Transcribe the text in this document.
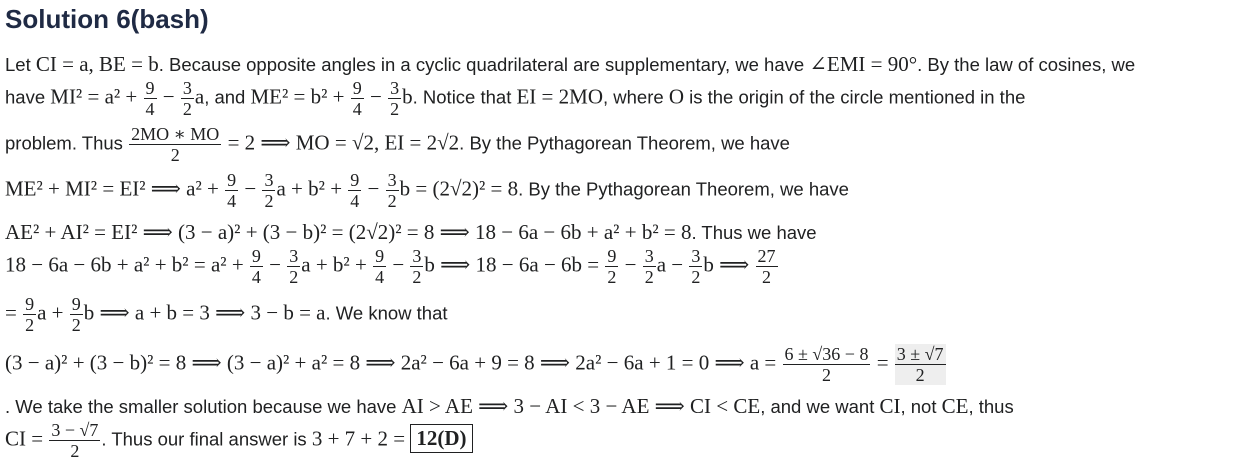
Solution 6(bash)
Let CI = a, BE = b. Because opposite angles in a cyclic quadrilateral are supplementary, we have ∠EMI = 90°. By the law of cosines, we
have $MI^2 = a^2 + \frac{9}{4} - \frac{3}{2} a$, and $ME^2 = b^2 + \frac{9}{4} - \frac{3}{2} b$. Notice that EI = 2MO, where O is the origin of the circle mentioned in the
problem. Thus $\frac{2MO ∗ MO}{2} = 2$ ⟹ MO = √2, EI = 2√2. By the Pythagorean Theorem, we have
ME² + MI² = EI² ⟹ $a^2 + \frac{9}{4} - \frac{3}{2}$ $a + b^2 + \frac{9}{4} - \frac{3}{2}$ b = (2√2)² = 8. By the Pythagorean Theorem, we have
AE² + AI² = EI² ⟹ (3 − a)² + (3 − b)² = (2√2)² = 8 ⟹ 18 − 6a − 6b + a² + b² = 8. Thus we have
$18 - 6a - 6b + a^2 + b^2 = a^2 + \frac{9}{4} - \frac{3}{2}$ $a + b^2 + \frac{9}{4} - \frac{3}{2}$ b ⟹ $18 - 6a - 6b = \frac{9}{2} - \frac{3}{2}$ $a - \frac{3}{2}$ b ⟹ $\frac{27}{2}$
= $\frac{9}{2}$ $a + \frac{9}{2}$ b ⟹ a + b = 3 ⟹ 3 − b = a. We know that
(3 − a)² + (3 − b)² = 8 ⟹ (3 − a)² + a² = 8 ⟹ 2a² − 6a + 9 = 8 ⟹ 2a² − 6a + 1 = 0 ⟹ $a = \frac{6 \pm √36 - 8}{2} = \frac{3 \pm √7}{2}$
. We take the smaller solution because we have AI > AE ⟹ 3 − AI < 3 − AE ⟹ CI < CE, and we want CI, not CE, thus
CI = $\frac{3 - √7}{2}$ . Thus our final answer is 3 + 7 + 2 = 12(D)
